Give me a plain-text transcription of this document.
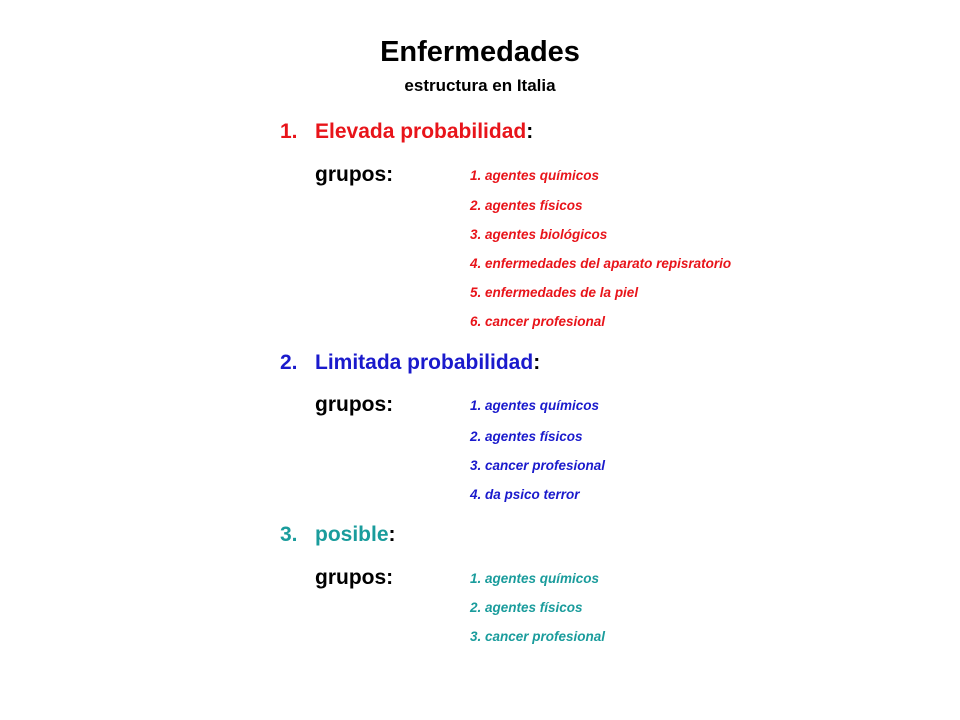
Enfermedades
estructura en Italia
1. Elevada probabilidad:
grupos:	1. agentes químicos
2. agentes físicos
3. agentes biológicos
4. enfermedades del aparato repisratorio
5. enfermedades de la piel
6. cancer profesional
2. Limitada probabilidad:
grupos:	1. agentes químicos
2. agentes físicos
3. cancer profesional
4. da psico terror
3. posible:
grupos:	1. agentes químicos
2. agentes físicos
3. cancer profesional
